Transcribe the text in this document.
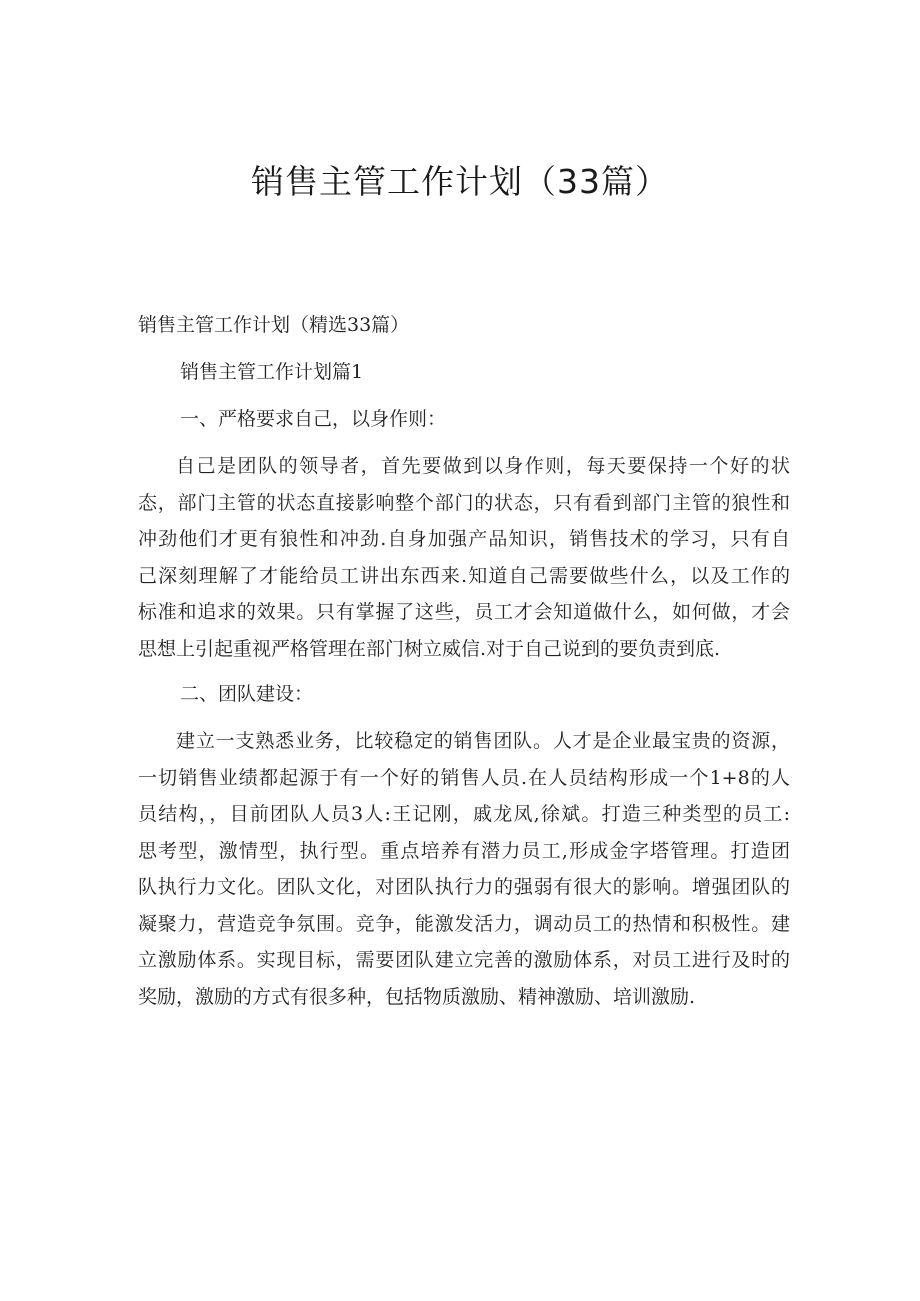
销售主管工作计划（33篇）
销售主管工作计划（精选33篇）
销售主管工作计划篇1
一、严格要求自己，以身作则：
自己是团队的领导者，首先要做到以身作则，每天要保持一个好的状
态，部门主管的状态直接影响整个部门的状态，只有看到部门主管的狼性和
冲劲他们才更有狼性和冲劲.自身加强产品知识，销售技术的学习，只有自
己深刻理解了才能给员工讲出东西来.知道自己需要做些什么，以及工作的
标准和追求的效果。只有掌握了这些，员工才会知道做什么，如何做，才会
思想上引起重视严格管理在部门树立威信.对于自己说到的要负责到底.
二、团队建设：
建立一支熟悉业务，比较稳定的销售团队。人才是企业最宝贵的资源，
一切销售业绩都起源于有一个好的销售人员.在人员结构形成一个1+8的人
员结构，，目前团队人员3人:王记刚，戚龙凤,徐斌。打造三种类型的员工:
思考型，激情型，执行型。重点培养有潜力员工,形成金字塔管理。打造团
队执行力文化。团队文化，对团队执行力的强弱有很大的影响。增强团队的
凝聚力，营造竞争氛围。竞争，能激发活力，调动员工的热情和积极性。建
立激励体系。实现目标，需要团队建立完善的激励体系，对员工进行及时的
奖励，激励的方式有很多种，包括物质激励、精神激励、培训激励.
